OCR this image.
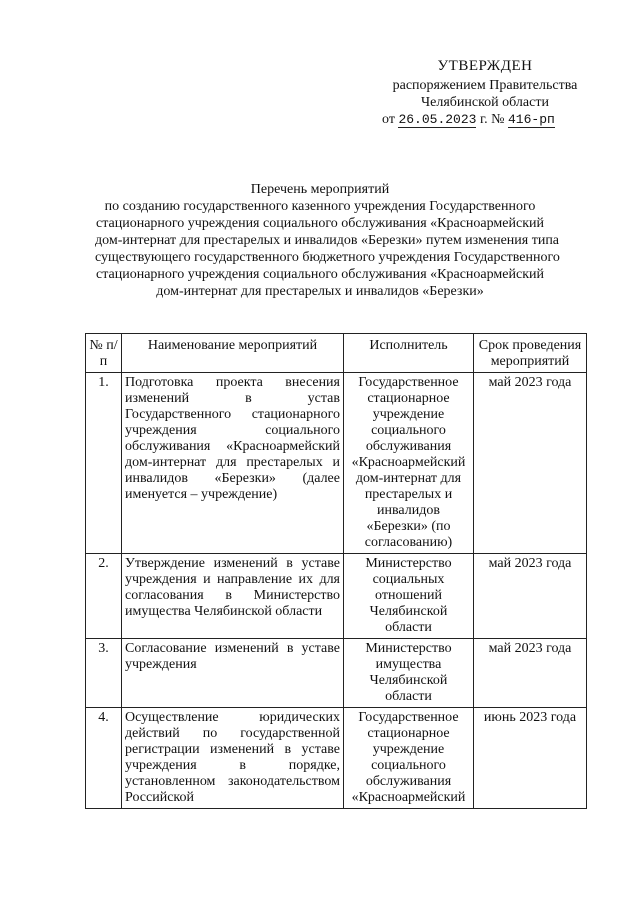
УТВЕРЖДЕН
распоряжением Правительства
Челябинской области
от 26.05.2023 г. № 416-рп
Перечень мероприятий
по созданию государственного казенного учреждения Государственного
стационарного учреждения социального обслуживания «Красноармейский
дом-интернат для престарелых и инвалидов «Березки» путем изменения типа
существующего государственного бюджетного учреждения Государственного
стационарного учреждения социального обслуживания «Красноармейский
дом-интернат для престарелых и инвалидов «Березки»
№ п/п	Наименование мероприятий	Исполнитель	Срок проведения мероприятий
1.	Подготовка проекта внесения изменений в устав Государственного стационарного учреждения социального обслуживания «Красноармейский дом-интернат для престарелых и инвалидов «Березки» (далее именуется – учреждение)	Государственное стационарное учреждение социального обслуживания «Красноармейский дом-интернат для престарелых и инвалидов «Березки» (по согласованию)	май 2023 года
2.	Утверждение изменений в уставе учреждения и направление их для согласования в Министерство имущества Челябинской области	Министерство социальных отношений Челябинской области	май 2023 года
3.	Согласование изменений в уставе учреждения	Министерство имущества Челябинской области	май 2023 года
4.	Осуществление юридических действий по государственной регистрации изменений в уставе учреждения в порядке, установленном законодательством Российской	Государственное стационарное учреждение социального обслуживания «Красноармейский	июнь 2023 года
